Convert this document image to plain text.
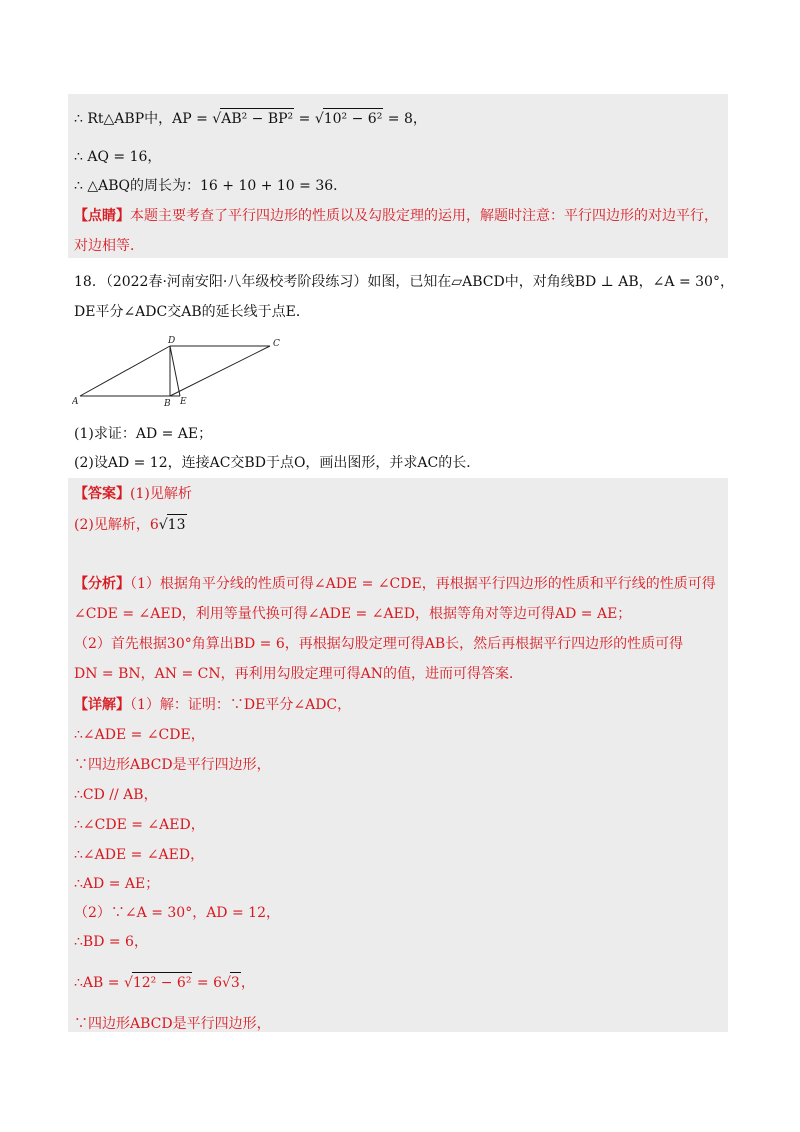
∴ Rt△ABP中，AP = √AB² − BP² = √10² − 6² = 8，
∴ AQ = 16，
∴ △ABQ的周长为：16 + 10 + 10 = 36．
【点睛】本题主要考查了平行四边形的性质以及勾股定理的运用，解题时注意：平行四边形的对边平行，
对边相等．
18．（2022春·河南安阳·八年级校考阶段练习）如图，已知在▱ABCD中，对角线BD ⊥ AB，∠A = 30°，
DE平分∠ADC交AB的延长线于点E．
A	B E
D	C
(1)求证：AD = AE；
(2)设AD = 12，连接AC交BD于点O，画出图形，并求AC的长．
【答案】(1)见解析
(2)见解析，6√13
【分析】（1）根据角平分线的性质可得∠ADE = ∠CDE，再根据平行四边形的性质和平行线的性质可得
∠CDE = ∠AED，利用等量代换可得∠ADE = ∠AED，根据等角对等边可得AD = AE；
（2）首先根据30°角算出BD = 6，再根据勾股定理可得AB长，然后再根据平行四边形的性质可得
DN = BN，AN = CN，再利用勾股定理可得AN的值，进而可得答案．
【详解】（1）解：证明：∵DE平分∠ADC，
∴∠ADE = ∠CDE，
∵四边形ABCD是平行四边形，
∴CD // AB，
∴∠CDE = ∠AED，
∴∠ADE = ∠AED，
∴AD = AE；
（2）∵∠A = 30°，AD = 12，
∴BD = 6，
∴AB = √12² − 6² = 6√3，
∵四边形ABCD是平行四边形，
